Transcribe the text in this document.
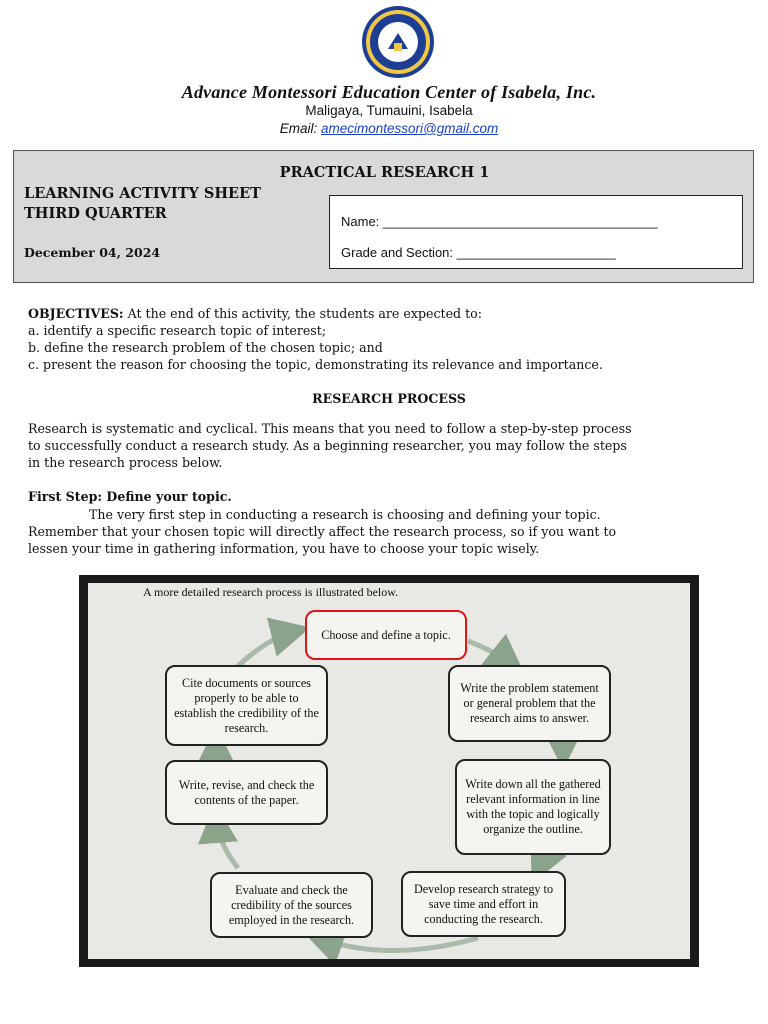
Advance Montessori Education Center of Isabela, Inc.
Maligaya, Tumauini, Isabela
Email: amecimontessori@gmail.com
PRACTICAL RESEARCH 1
LEARNING ACTIVITY SHEET
THIRD QUARTER
December 04, 2024
Name: ______________________________________
Grade and Section: ______________________
OBJECTIVES: At the end of this activity, the students are expected to:
a. identify a specific research topic of interest;
b. define the research problem of the chosen topic; and
c. present the reason for choosing the topic, demonstrating its relevance and importance.
RESEARCH PROCESS
Research is systematic and cyclical. This means that you need to follow a step-by-step process
to successfully conduct a research study. As a beginning researcher, you may follow the steps
in the research process below.
First Step: Define your topic.
The very first step in conducting a research is choosing and defining your topic.
Remember that your chosen topic will directly affect the research process, so if you want to
lessen your time in gathering information, you have to choose your topic wisely.
A more detailed research process is illustrated below.
Choose and define a topic.
Write the problem statement or general problem that the research aims to answer.
Write down all the gathered relevant information in line with the topic and logically organize the outline.
Develop research strategy to save time and effort in conducting the research.
Evaluate and check the credibility of the sources employed in the research.
Write, revise, and check the contents of the paper.
Cite documents or sources properly to be able to establish the credibility of the research.
